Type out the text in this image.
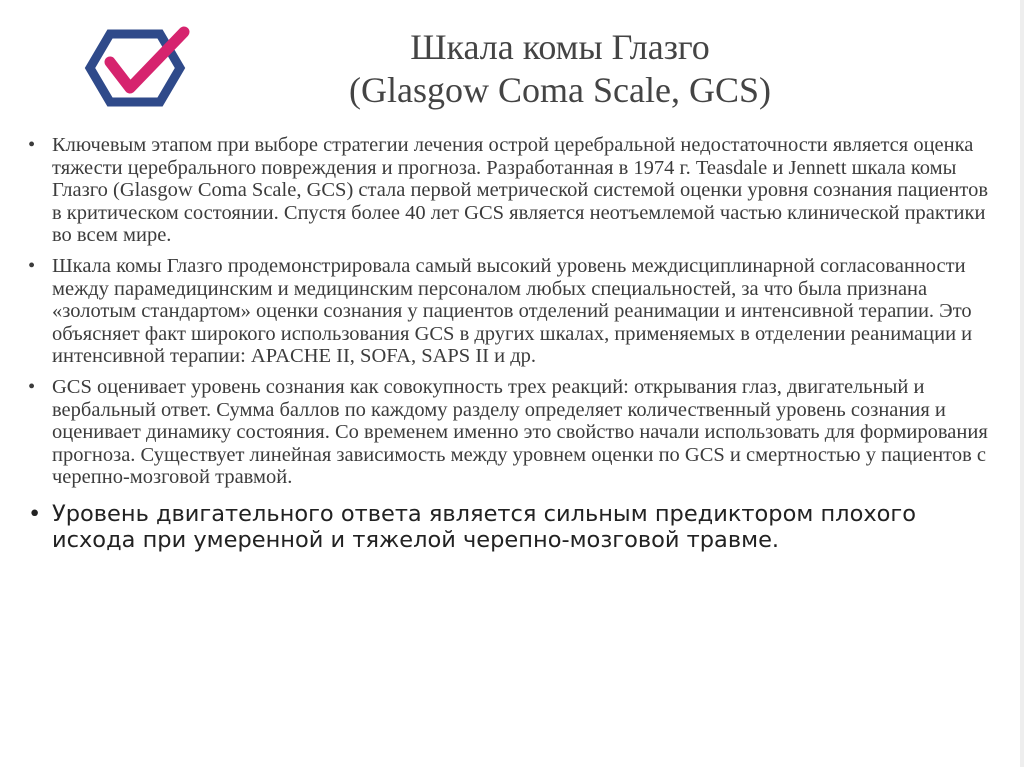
Шкала комы Глазго
(Glasgow Coma Scale, GCS)
• Ключевым этапом при выборе стратегии лечения острой церебральной недостаточности является оценка тяжести церебрального повреждения и прогноза. Разработанная в 1974 г. Teasdale и Jennett шкала комы Глазго (Glasgow Coma Scale, GCS) стала первой метрической системой оценки уровня сознания пациентов в критическом состоянии. Спустя более 40 лет GCS является неотъемлемой частью клинической практики во всем мире.
• Шкала комы Глазго продемонстрировала самый высокий уровень междисциплинарной согласованности между парамедицинским и медицинским персоналом любых специальностей, за что была признана «золотым стандартом» оценки сознания у пациентов отделений реанимации и интенсивной терапии. Это объясняет факт широкого использования GCS в других шкалах, применяемых в отделении реанимации и интенсивной терапии: APACHE II, SOFA, SAPS II и др.
• GCS оценивает уровень сознания как совокупность трех реакций: открывания глаз, двигательный и вербальный ответ. Сумма баллов по каждому разделу определяет количественный уровень сознания и оценивает динамику состояния. Со временем именно это свойство начали использовать для формирования прогноза. Существует линейная зависимость между уровнем оценки по GCS и смертностью у пациентов с черепно-мозговой травмой.
• Уровень двигательного ответа является сильным предиктором плохого исхода при умеренной и тяжелой черепно-мозговой травме.
